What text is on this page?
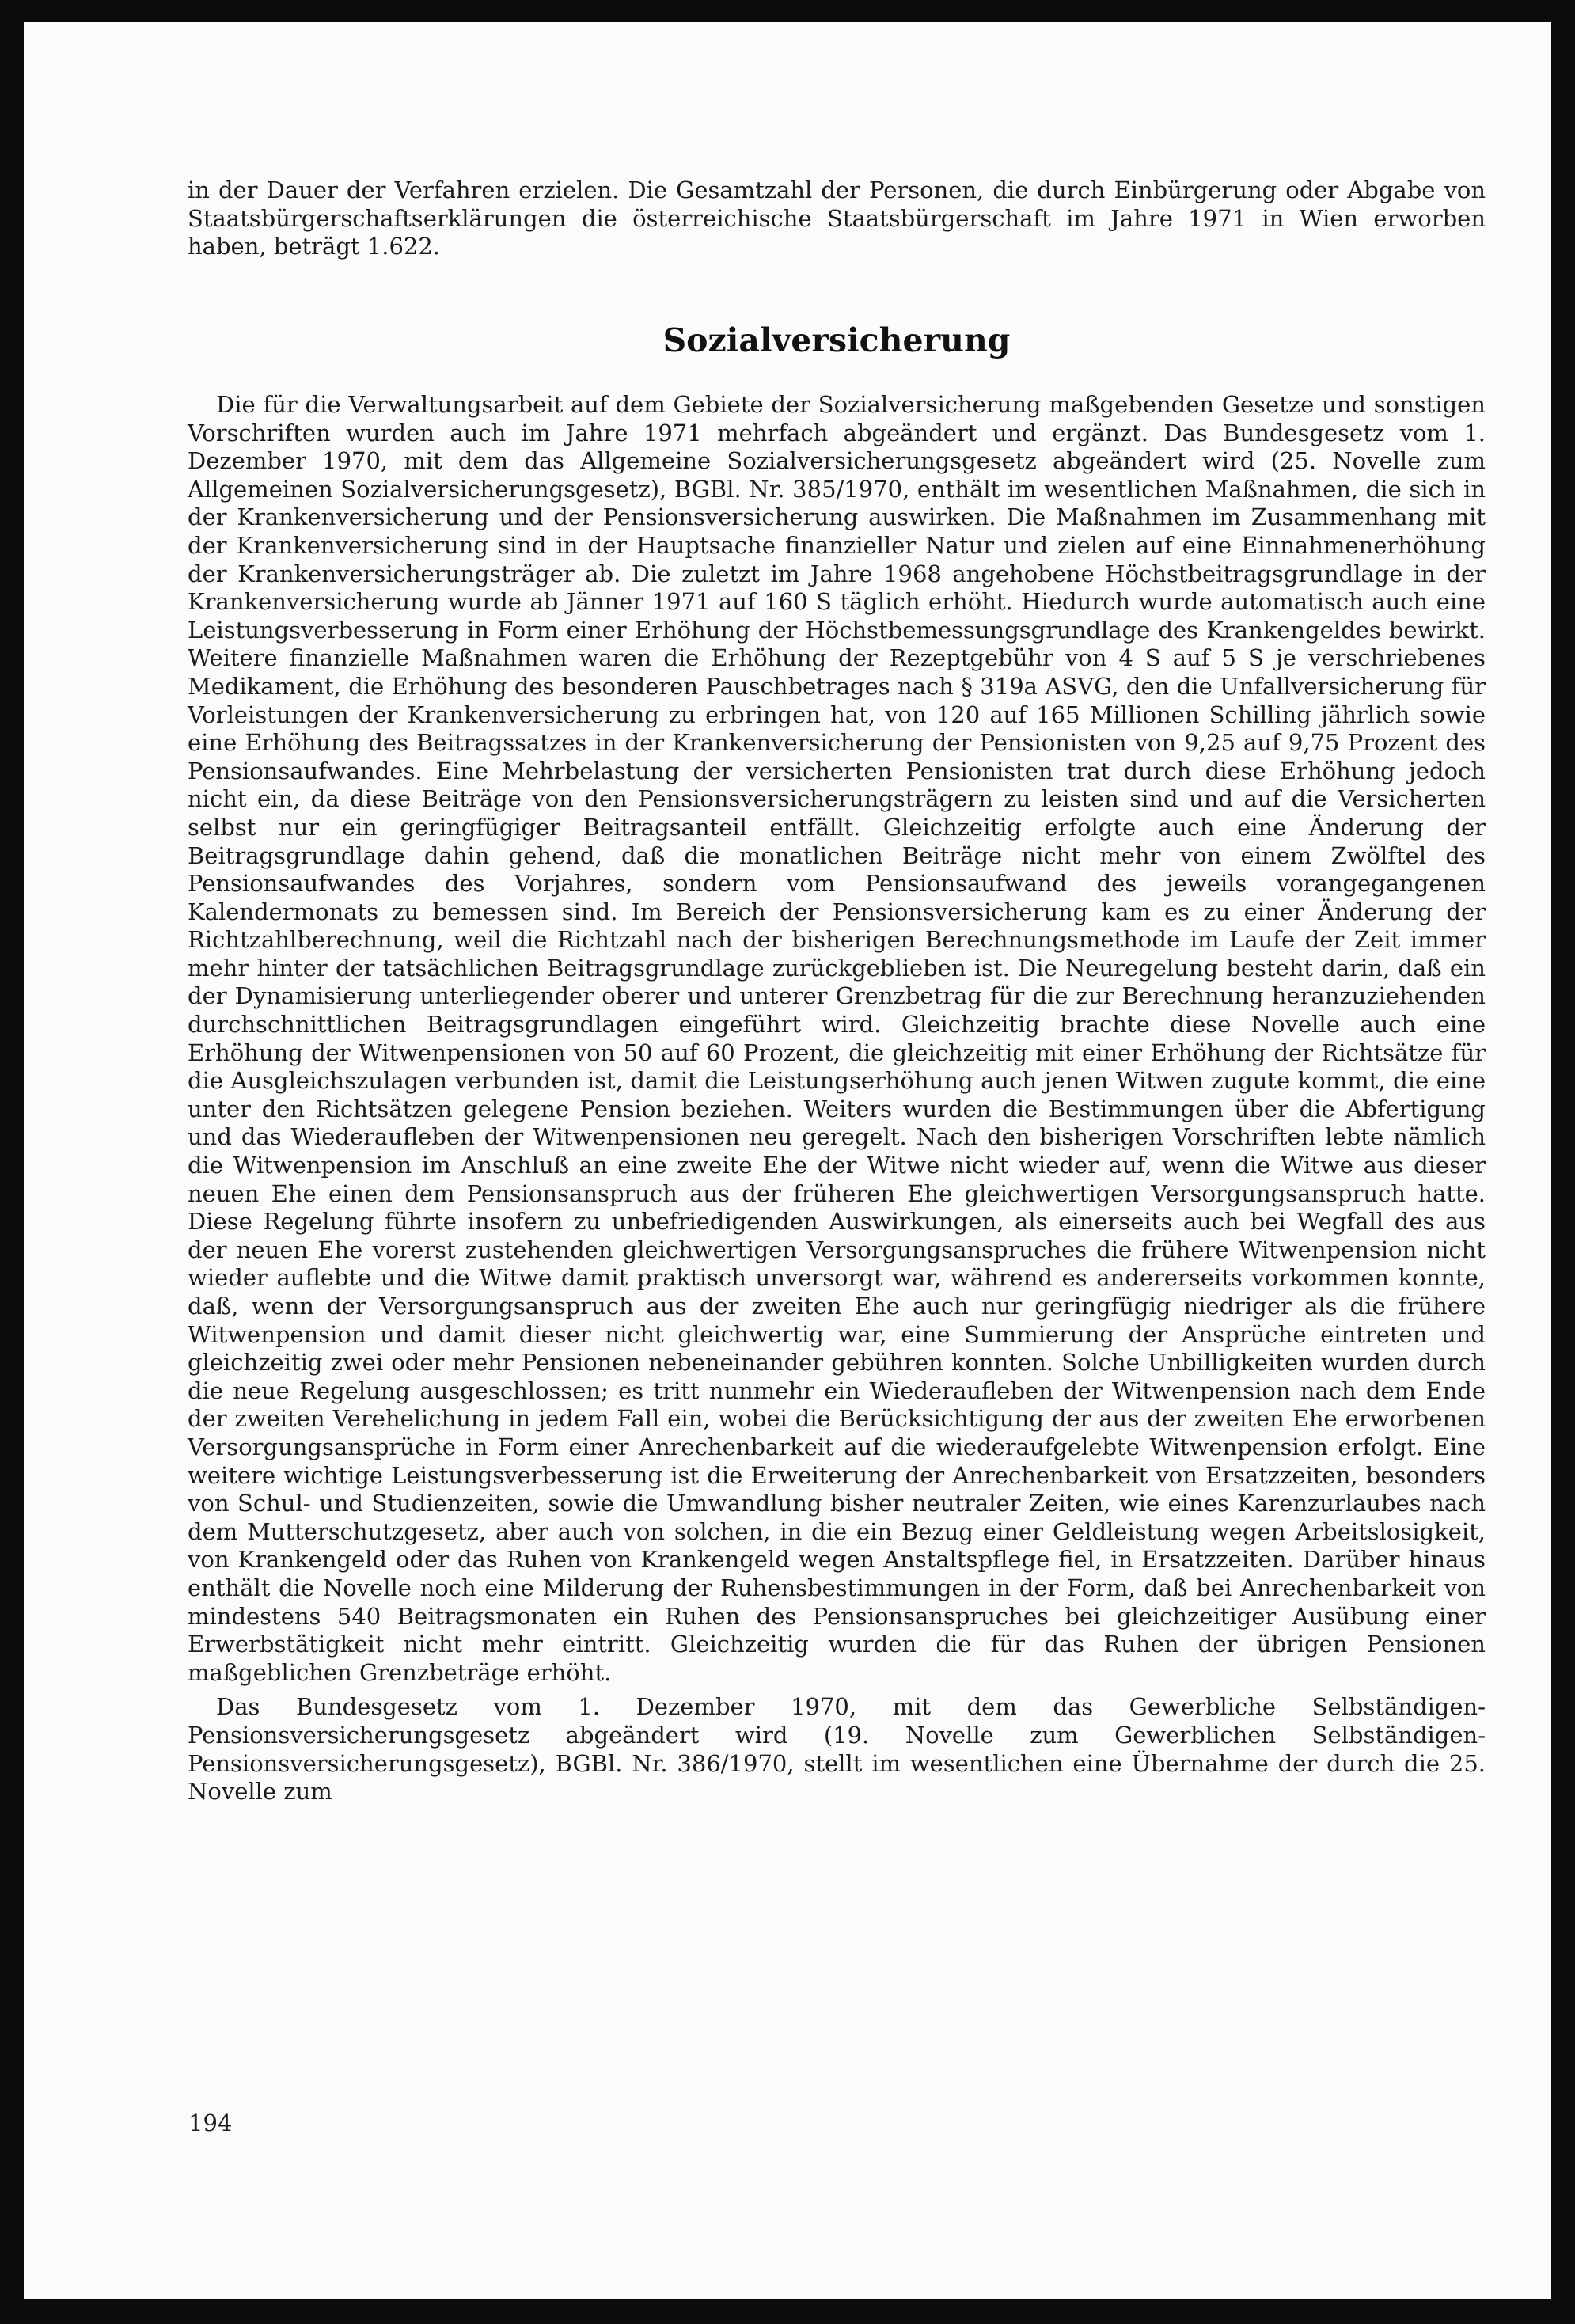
in der Dauer der Verfahren erzielen. Die Gesamtzahl der Personen, die durch Einbürgerung oder Abgabe von Staatsbürgerschaftserklärungen die österreichische Staatsbürgerschaft im Jahre 1971 in Wien erworben haben, beträgt 1.622.

Sozialversicherung

Die für die Verwaltungsarbeit auf dem Gebiete der Sozialversicherung maßgebenden Gesetze und sonstigen Vorschriften wurden auch im Jahre 1971 mehrfach abgeändert und ergänzt. Das Bundesgesetz vom 1. Dezember 1970, mit dem das Allgemeine Sozialversicherungsgesetz abgeändert wird (25. Novelle zum Allgemeinen Sozialversicherungsgesetz), BGBl. Nr. 385/1970, enthält im wesentlichen Maßnahmen, die sich in der Krankenversicherung und der Pensionsversicherung auswirken. Die Maßnahmen im Zusammenhang mit der Krankenversicherung sind in der Hauptsache finanzieller Natur und zielen auf eine Einnahmenerhöhung der Krankenversicherungsträger ab. Die zuletzt im Jahre 1968 angehobene Höchstbeitragsgrundlage in der Krankenversicherung wurde ab Jänner 1971 auf 160 S täglich erhöht. Hiedurch wurde automatisch auch eine Leistungsverbesserung in Form einer Erhöhung der Höchstbemessungsgrundlage des Krankengeldes bewirkt. Weitere finanzielle Maßnahmen waren die Erhöhung der Rezeptgebühr von 4 S auf 5 S je verschriebenes Medikament, die Erhöhung des besonderen Pauschbetrages nach § 319a ASVG, den die Unfallversicherung für Vorleistungen der Krankenversicherung zu erbringen hat, von 120 auf 165 Millionen Schilling jährlich sowie eine Erhöhung des Beitragssatzes in der Krankenversicherung der Pensionisten von 9,25 auf 9,75 Prozent des Pensionsaufwandes. Eine Mehrbelastung der versicherten Pensionisten trat durch diese Erhöhung jedoch nicht ein, da diese Beiträge von den Pensionsversicherungsträgern zu leisten sind und auf die Versicherten selbst nur ein geringfügiger Beitragsanteil entfällt. Gleichzeitig erfolgte auch eine Änderung der Beitragsgrundlage dahin gehend, daß die monatlichen Beiträge nicht mehr von einem Zwölftel des Pensionsaufwandes des Vorjahres, sondern vom Pensionsaufwand des jeweils vorangegangenen Kalendermonats zu bemessen sind. Im Bereich der Pensionsversicherung kam es zu einer Änderung der Richtzahlberechnung, weil die Richtzahl nach der bisherigen Berechnungsmethode im Laufe der Zeit immer mehr hinter der tatsächlichen Beitragsgrundlage zurückgeblieben ist. Die Neuregelung besteht darin, daß ein der Dynamisierung unterliegender oberer und unterer Grenzbetrag für die zur Berechnung heranzuziehenden durchschnittlichen Beitragsgrundlagen eingeführt wird. Gleichzeitig brachte diese Novelle auch eine Erhöhung der Witwenpensionen von 50 auf 60 Prozent, die gleichzeitig mit einer Erhöhung der Richtsätze für die Ausgleichszulagen verbunden ist, damit die Leistungserhöhung auch jenen Witwen zugute kommt, die eine unter den Richtsätzen gelegene Pension beziehen. Weiters wurden die Bestimmungen über die Abfertigung und das Wiederaufleben der Witwenpensionen neu geregelt. Nach den bisherigen Vorschriften lebte nämlich die Witwenpension im Anschluß an eine zweite Ehe der Witwe nicht wieder auf, wenn die Witwe aus dieser neuen Ehe einen dem Pensionsanspruch aus der früheren Ehe gleichwertigen Versorgungsanspruch hatte. Diese Regelung führte insofern zu unbefriedigenden Auswirkungen, als einerseits auch bei Wegfall des aus der neuen Ehe vorerst zustehenden gleichwertigen Versorgungsanspruches die frühere Witwenpension nicht wieder auflebte und die Witwe damit praktisch unversorgt war, während es andererseits vorkommen konnte, daß, wenn der Versorgungsanspruch aus der zweiten Ehe auch nur geringfügig niedriger als die frühere Witwenpension und damit dieser nicht gleichwertig war, eine Summierung der Ansprüche eintreten und gleichzeitig zwei oder mehr Pensionen nebeneinander gebühren konnten. Solche Unbilligkeiten wurden durch die neue Regelung ausgeschlossen; es tritt nunmehr ein Wiederaufleben der Witwenpension nach dem Ende der zweiten Verehelichung in jedem Fall ein, wobei die Berücksichtigung der aus der zweiten Ehe erworbenen Versorgungsansprüche in Form einer Anrechenbarkeit auf die wiederaufgelebte Witwenpension erfolgt. Eine weitere wichtige Leistungsverbesserung ist die Erweiterung der Anrechenbarkeit von Ersatzzeiten, besonders von Schul- und Studienzeiten, sowie die Umwandlung bisher neutraler Zeiten, wie eines Karenzurlaubes nach dem Mutterschutzgesetz, aber auch von solchen, in die ein Bezug einer Geldleistung wegen Arbeitslosigkeit, von Krankengeld oder das Ruhen von Krankengeld wegen Anstaltspflege fiel, in Ersatzzeiten. Darüber hinaus enthält die Novelle noch eine Milderung der Ruhensbestimmungen in der Form, daß bei Anrechenbarkeit von mindestens 540 Beitragsmonaten ein Ruhen des Pensionsanspruches bei gleichzeitiger Ausübung einer Erwerbstätigkeit nicht mehr eintritt. Gleichzeitig wurden die für das Ruhen der übrigen Pensionen maßgeblichen Grenzbeträge erhöht.

Das Bundesgesetz vom 1. Dezember 1970, mit dem das Gewerbliche Selbständigen-Pensionsversicherungsgesetz abgeändert wird (19. Novelle zum Gewerblichen Selbständigen-Pensionsversicherungsgesetz), BGBl. Nr. 386/1970, stellt im wesentlichen eine Übernahme der durch die 25. Novelle zum

194
